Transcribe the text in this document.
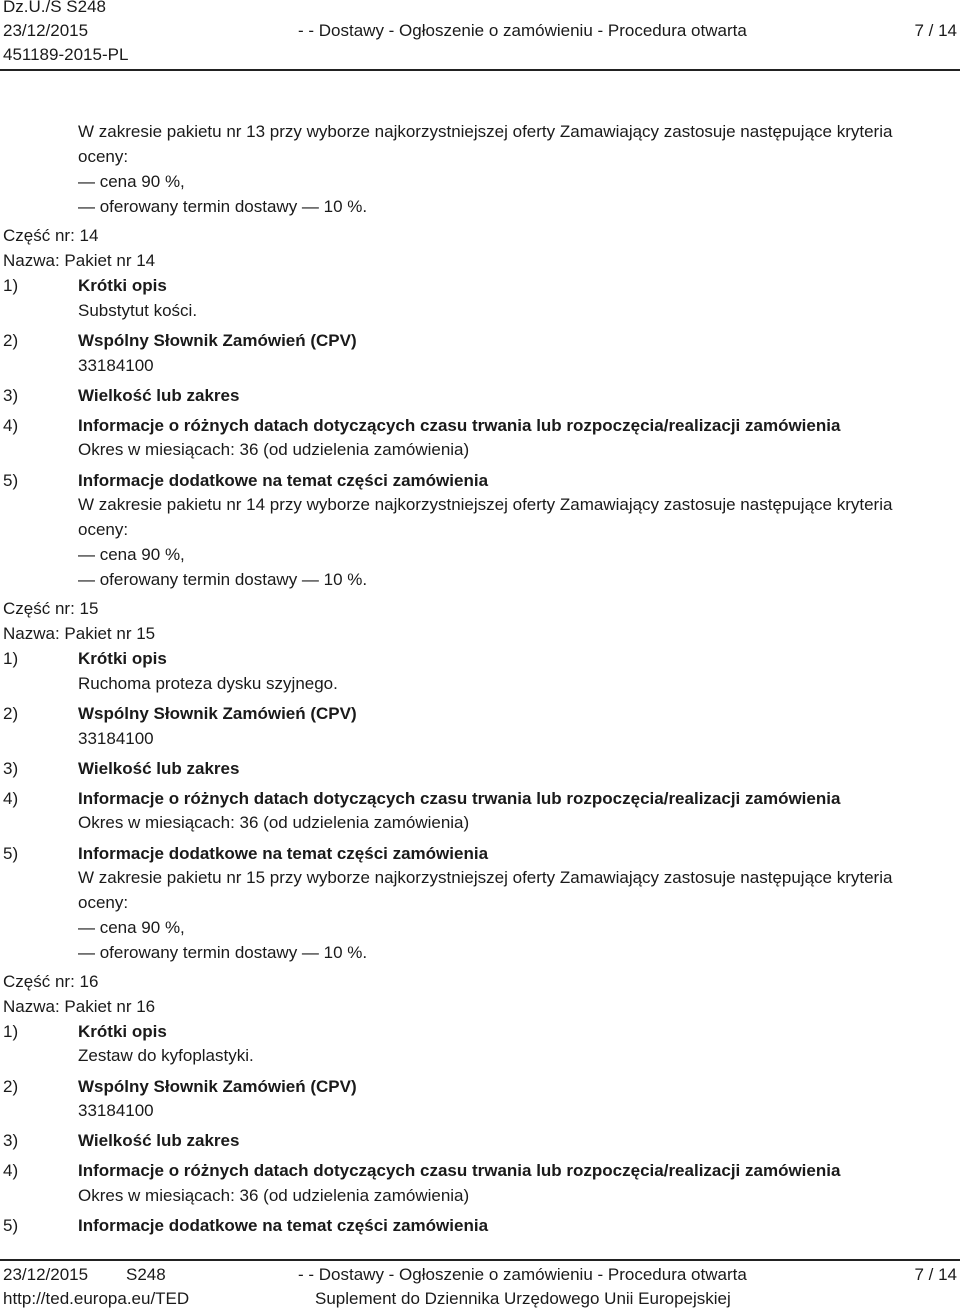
Dz.U./S S248
23/12/2015	- - Dostawy - Ogłoszenie o zamówieniu - Procedura otwarta	7 / 14
451189-2015-PL
W zakresie pakietu nr 13 przy wyborze najkorzystniejszej oferty Zamawiający zastosuje następujące kryteria
oceny:
— cena 90 %,
— oferowany termin dostawy — 10 %.
Część nr: 14
Nazwa: Pakiet nr 14
1)	Krótki opis
Substytut kości.
2)	Wspólny Słownik Zamówień (CPV)
33184100
3)	Wielkość lub zakres
4)	Informacje o różnych datach dotyczących czasu trwania lub rozpoczęcia/realizacji zamówienia
Okres w miesiącach: 36 (od udzielenia zamówienia)
5)	Informacje dodatkowe na temat części zamówienia
W zakresie pakietu nr 14 przy wyborze najkorzystniejszej oferty Zamawiający zastosuje następujące kryteria
oceny:
— cena 90 %,
— oferowany termin dostawy — 10 %.
Część nr: 15
Nazwa: Pakiet nr 15
1)	Krótki opis
Ruchoma proteza dysku szyjnego.
2)	Wspólny Słownik Zamówień (CPV)
33184100
3)	Wielkość lub zakres
4)	Informacje o różnych datach dotyczących czasu trwania lub rozpoczęcia/realizacji zamówienia
Okres w miesiącach: 36 (od udzielenia zamówienia)
5)	Informacje dodatkowe na temat części zamówienia
W zakresie pakietu nr 15 przy wyborze najkorzystniejszej oferty Zamawiający zastosuje następujące kryteria
oceny:
— cena 90 %,
— oferowany termin dostawy — 10 %.
Część nr: 16
Nazwa: Pakiet nr 16
1)	Krótki opis
Zestaw do kyfoplastyki.
2)	Wspólny Słownik Zamówień (CPV)
33184100
3)	Wielkość lub zakres
4)	Informacje o różnych datach dotyczących czasu trwania lub rozpoczęcia/realizacji zamówienia
Okres w miesiącach: 36 (od udzielenia zamówienia)
5)	Informacje dodatkowe na temat części zamówienia
23/12/2015 S248	- - Dostawy - Ogłoszenie o zamówieniu - Procedura otwarta	7 / 14
http://ted.europa.eu/TED	Suplement do Dziennika Urzędowego Unii Europejskiej
